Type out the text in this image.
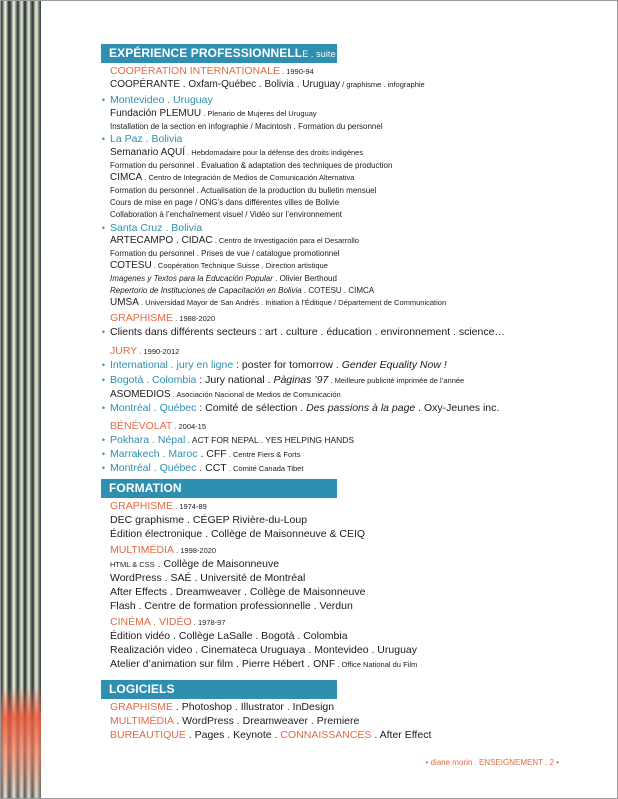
EXPÉRIENCE PROFESSIONNELLE . suite
COOPÉRATION INTERNATIONALE . 1990-94
COOPÉRANTE . Oxfam-Québec . Bolivia . Uruguay / graphisme . infographie
• Montevideo . Uruguay
Fundación PLEMUU . Plenario de Mujeres del Uruguay
Installation de la section en infographie / Macintosh . Formation du personnel
• La Paz . Bolivia
Semanario AQUÍ . Hebdomadaire pour la défense des droits indigènes
Formation du personnel . Évaluation & adaptation des techniques de production
CIMCA . Centro de Integración de Medios de Comunicación Alternativa
Formation du personnel . Actualisation de la production du bulletin mensuel
Cours de mise en page / ONG’s dans différentes villes de Bolivie
Collaboration à l’enchaînement visuel / Vidéo sur l’environnement
• Santa Cruz . Bolivia
ARTECAMPO . CIDAC . Centro de Investigación para el Desarrollo
Formation du personnel . Prises de vue / catalogue promotionnel
COTESU . Coopération Technique Suisse . Direction artistique
Imagenes y Textos para la Educación Popular . Olivier Berthoud
Repertorio de Instituciones de Capacitación en Bolivia . COTESU . CIMCA
UMSA . Universidad Mayor de San Andrés . Initiation à l’Éditique / Département de Communication
GRAPHISME . 1988-2020
• Clients dans différents secteurs : art . culture . éducation . environnement . science…
JURY . 1990-2012
• International . jury en ligne : poster for tomorrow . Gender Equality Now !
• Bogotà . Colombia : Jury national . Pàginas ’97 . Meilleure publicité imprimée de l’année
ASOMEDIOS . Asociación Nacional de Medios de Comunicación
• Montréal . Québec : Comité de sélection . Des passions à la page . Oxy-Jeunes inc.
BÉNÉVOLAT . 2004-15
• Pokhara . Népal . ACT FOR NEPAL . YES HELPING HANDS
• Marrakech . Maroc . CFF . Centre Fiers & Forts
• Montréal . Québec . CCT . Comité Canada Tibet
FORMATION
GRAPHISME . 1974-89
DEC graphisme . CÉGEP Rivière-du-Loup
Édition électronique . Collège de Maisonneuve & CEIQ
MULTIMÉDIA . 1998-2020
HTML & CSS . Collège de Maisonneuve
WordPress . SAÉ . Université de Montréal
After Effects . Dreamweaver . Collège de Maisonneuve
Flash . Centre de formation professionnelle . Verdun
CINÉMA . VIDÉO . 1978-97
Édition vidéo . Collège LaSalle . Bogotà . Colombia
Realización video . Cinemateca Uruguaya . Montevideo . Uruguay
Atelier d’animation sur film . Pierre Hébert . ONF . Office National du Film
LOGICIELS
GRAPHISME . Photoshop . Illustrator . InDesign
MULTIMÉDIA . WordPress . Dreamweaver . Premiere
BUREAUTIQUE . Pages . Keynote . CONNAISSANCES . After Effect
• diane morin . ENSEIGNEMENT . 2 •
